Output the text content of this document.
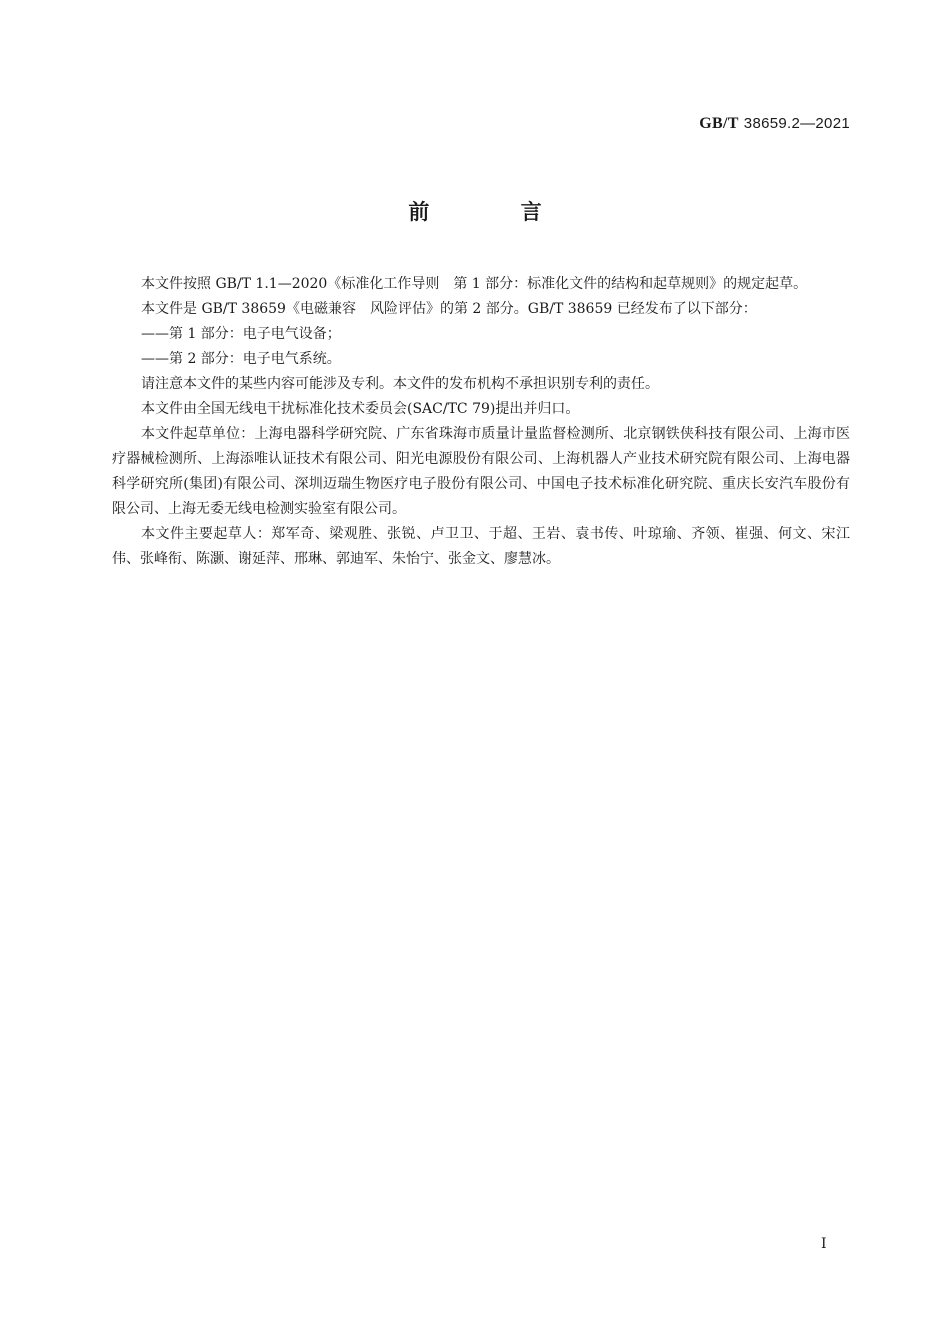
GB/T 38659.2—2021
前 言

本文件按照 GB/T 1.1—2020《标准化工作导则　第 1 部分：标准化文件的结构和起草规则》的规定起草。

本文件是 GB/T 38659《电磁兼容　风险评估》的第 2 部分。GB/T 38659 已经发布了以下部分：

——第 1 部分：电子电气设备；

——第 2 部分：电子电气系统。

请注意本文件的某些内容可能涉及专利。本文件的发布机构不承担识别专利的责任。

本文件由全国无线电干扰标准化技术委员会(SAC/TC 79)提出并归口。

本文件起草单位：上海电器科学研究院、广东省珠海市质量计量监督检测所、北京钢铁侠科技有限公司、上海市医疗器械检测所、上海添唯认证技术有限公司、阳光电源股份有限公司、上海机器人产业技术研究院有限公司、上海电器科学研究所(集团)有限公司、深圳迈瑞生物医疗电子股份有限公司、中国电子技术标准化研究院、重庆长安汽车股份有限公司、上海无委无线电检测实验室有限公司。

本文件主要起草人：郑军奇、梁观胜、张锐、卢卫卫、于超、王岩、袁书传、叶琼瑜、齐领、崔强、何文、宋江伟、张峰衔、陈灏、谢延萍、邢琳、郭迪军、朱怡宁、张金文、廖慧冰。

I
